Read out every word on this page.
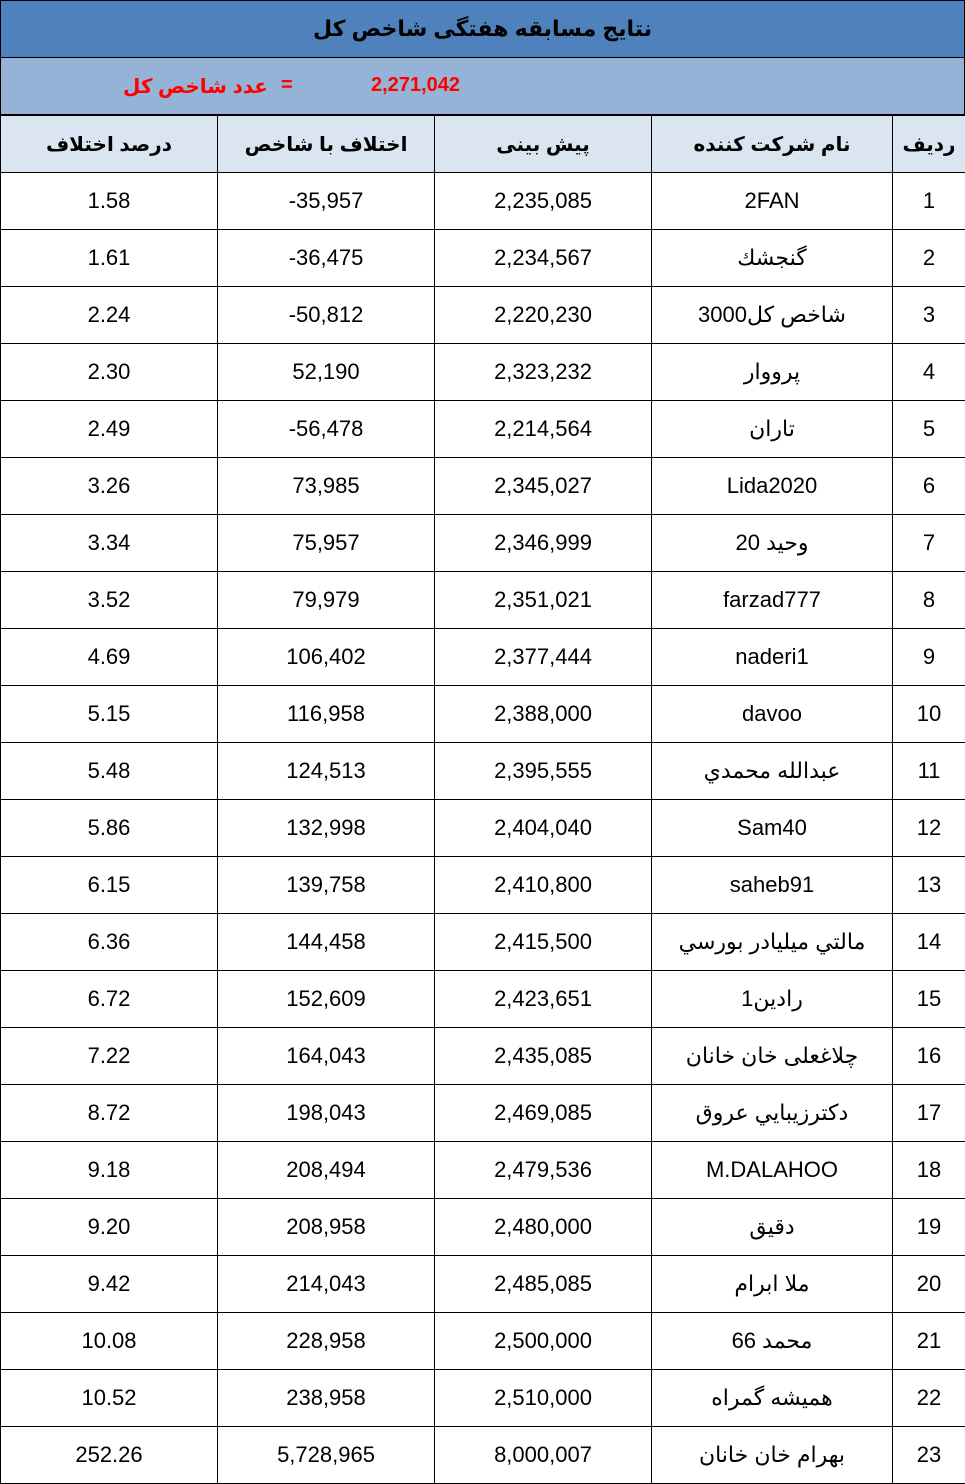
نتایج مسابقه هفتگی شاخص کل
عدد شاخص کل =	2,271,042
درصد اختلاف	اختلاف با شاخص	پیش بینی	نام شرکت کننده	ردیف
1.58	-35,957	2,235,085	2FAN	1
1.61	-36,475	2,234,567	گنجشك	2
2.24	-50,812	2,220,230	شاخص كل3000	3
2.30	52,190	2,323,232	پرووار	4
2.49	-56,478	2,214,564	تاران	5
3.26	73,985	2,345,027	Lida2020	6
3.34	75,957	2,346,999	وحيد 20	7
3.52	79,979	2,351,021	farzad777	8
4.69	106,402	2,377,444	naderi1	9
5.15	116,958	2,388,000	davoo	10
5.48	124,513	2,395,555	عبدالله محمدي	11
5.86	132,998	2,404,040	Sam40	12
6.15	139,758	2,410,800	saheb91	13
6.36	144,458	2,415,500	مالتي ميليادر بورسي	14
6.72	152,609	2,423,651	رادين1	15
7.22	164,043	2,435,085	چلاغعلى خان خانان	16
8.72	198,043	2,469,085	دكترزيبايي عروق	17
9.18	208,494	2,479,536	M.DALAHOO	18
9.20	208,958	2,480,000	دقيق	19
9.42	214,043	2,485,085	ملا ابرام	20
10.08	228,958	2,500,000	محمد 66	21
10.52	238,958	2,510,000	هميشه گمراه	22
252.26	5,728,965	8,000,007	بهرام خان خانان	23
